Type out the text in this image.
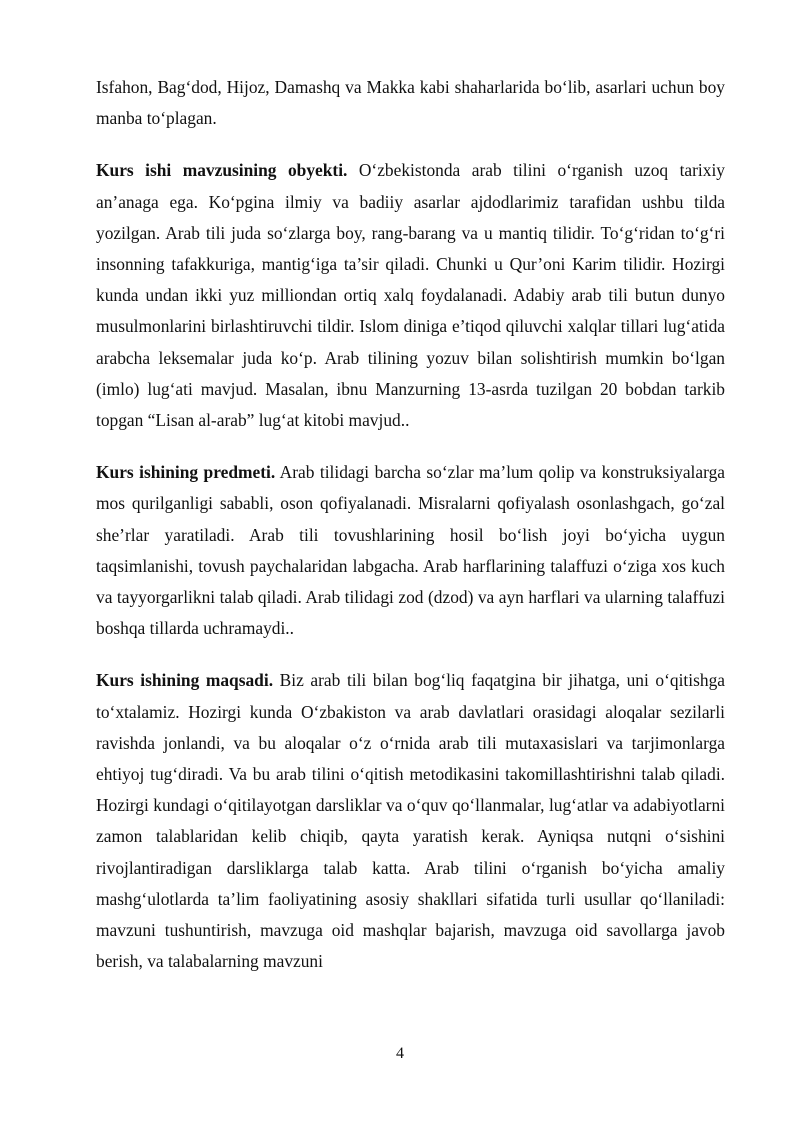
Isfahon, Bag‘dod, Hijoz, Damashq va Makka kabi shaharlarida bo‘lib, asarlari uchun boy manba to‘plagan.

Kurs ishi mavzusining obyekti. O‘zbekistonda arab tilini o‘rganish uzoq tarixiy an’anaga ega. Ko‘pgina ilmiy va badiiy asarlar ajdodlarimiz tarafidan ushbu tilda yozilgan. Arab tili juda so‘zlarga boy, rang-barang va u mantiq tilidir. To‘g‘ridan to‘g‘ri insonning tafakkuriga, mantig‘iga ta’sir qiladi. Chunki u Qur’oni Karim tilidir. Hozirgi kunda undan ikki yuz milliondan ortiq xalq foydalanadi. Adabiy arab tili butun dunyo musulmonlarini birlashtiruvchi tildir. Islom diniga e’tiqod qiluvchi xalqlar tillari lug‘atida arabcha leksemalar juda ko‘p. Arab tilining yozuv bilan solishtirish mumkin bo‘lgan (imlo) lug‘ati mavjud. Masalan, ibnu Manzurning 13-asrda tuzilgan 20 bobdan tarkib topgan “Lisan al-arab” lug‘at kitobi mavjud..

Kurs ishining predmeti. Arab tilidagi barcha so‘zlar ma’lum qolip va konstruksiyalarga mos qurilganligi sababli, oson qofiyalanadi. Misralarni qofiyalash osonlashgach, go‘zal she’rlar yaratiladi. Arab tili tovushlarining hosil bo‘lish joyi bo‘yicha uygun taqsimlanishi, tovush paychalaridan labgacha. Arab harflarining talaffuzi o‘ziga xos kuch va tayyorgarlikni talab qiladi. Arab tilidagi zod (dzod) va ayn harflari va ularning talaffuzi boshqa tillarda uchramaydi..

Kurs ishining maqsadi. Biz arab tili bilan bog‘liq faqatgina bir jihatga, uni o‘qitishga to‘xtalamiz. Hozirgi kunda O‘zbakiston va arab davlatlari orasidagi aloqalar sezilarli ravishda jonlandi, va bu aloqalar o‘z o‘rnida arab tili mutaxasislari va tarjimonlarga ehtiyoj tug‘diradi. Va bu arab tilini o‘qitish metodikasini takomillashtirishni talab qiladi. Hozirgi kundagi o‘qitilayotgan darsliklar va o‘quv qo‘llanmalar, lug‘atlar va adabiyotlarni zamon talablaridan kelib chiqib, qayta yaratish kerak. Ayniqsa nutqni o‘sishini rivojlantiradigan darsliklarga talab katta. Arab tilini o‘rganish bo‘yicha amaliy mashg‘ulotlarda ta’lim faoliyatining asosiy shakllari sifatida turli usullar qo‘llaniladi: mavzuni tushuntirish, mavzuga oid mashqlar bajarish, mavzuga oid savollarga javob berish, va talabalarning mavzuni

4
